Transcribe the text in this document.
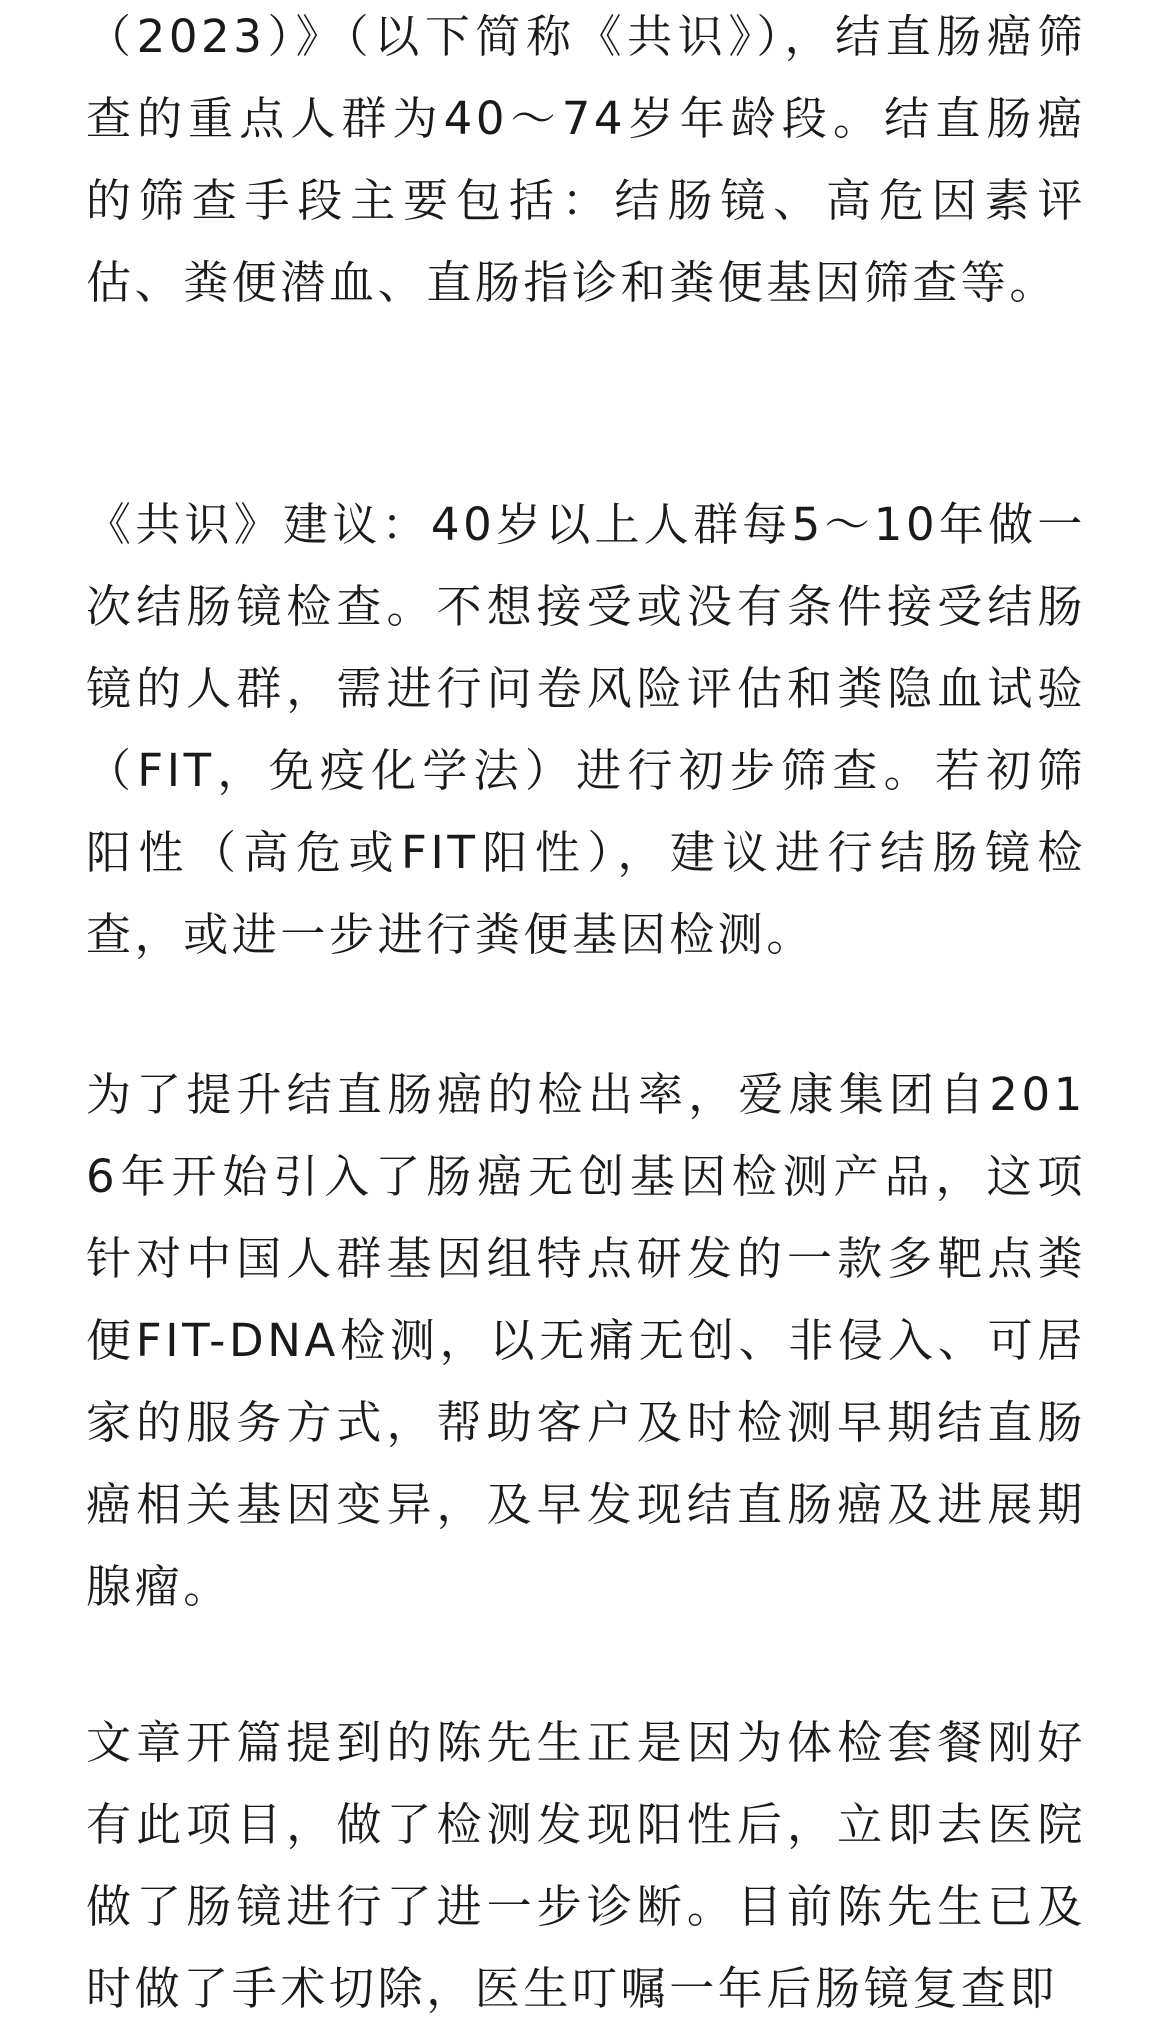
（2023）》（以下简称《共识》），结直肠癌筛查的重点人群为40～74岁年龄段。结直肠癌的筛查手段主要包括：结肠镜、高危因素评估、粪便潜血、直肠指诊和粪便基因筛查等。

《共识》建议：40岁以上人群每5～10年做一次结肠镜检查。不想接受或没有条件接受结肠镜的人群，需进行问卷风险评估和粪隐血试验（FIT，免疫化学法）进行初步筛查。若初筛阳性（高危或FIT阳性），建议进行结肠镜检查，或进一步进行粪便基因检测。

为了提升结直肠癌的检出率，爱康集团自2016年开始引入了肠癌无创基因检测产品，这项针对中国人群基因组特点研发的一款多靶点粪便FIT-DNA检测，以无痛无创、非侵入、可居家的服务方式，帮助客户及时检测早期结直肠癌相关基因变异，及早发现结直肠癌及进展期腺瘤。

文章开篇提到的陈先生正是因为体检套餐刚好有此项目，做了检测发现阳性后，立即去医院做了肠镜进行了进一步诊断。目前陈先生已及时做了手术切除，医生叮嘱一年后肠镜复查即
